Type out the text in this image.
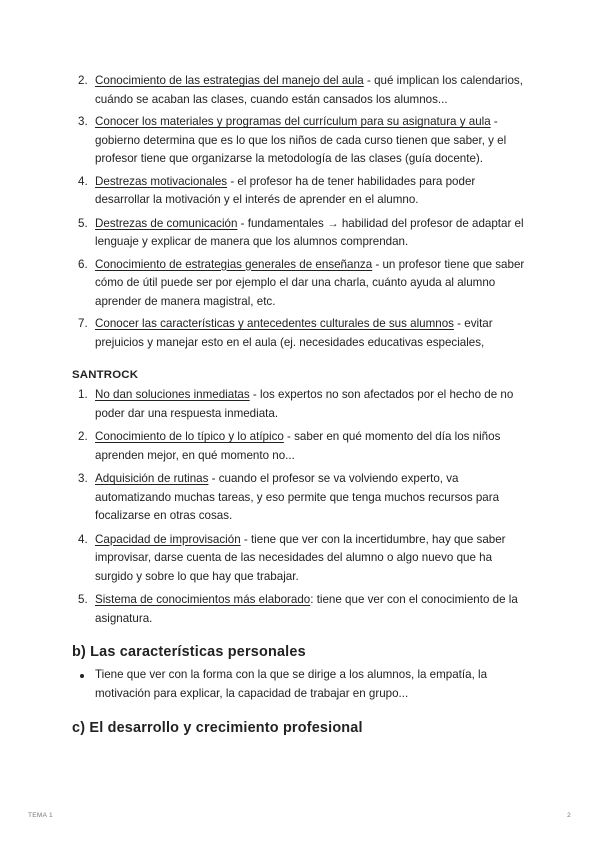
2. Conocimiento de las estrategias del manejo del aula - qué implican los calendarios, cuándo se acaban las clases, cuando están cansados los alumnos...
3. Conocer los materiales y programas del currículum para su asignatura y aula - gobierno determina que es lo que los niños de cada curso tienen que saber, y el profesor tiene que organizarse la metodología de las clases (guía docente).
4. Destrezas motivacionales - el profesor ha de tener habilidades para poder desarrollar la motivación y el interés de aprender en el alumno.
5. Destrezas de comunicación - fundamentales → habilidad del profesor de adaptar el lenguaje y explicar de manera que los alumnos comprendan.
6. Conocimiento de estrategias generales de enseñanza - un profesor tiene que saber cómo de útil puede ser por ejemplo el dar una charla, cuánto ayuda al alumno aprender de manera magistral, etc.
7. Conocer las características y antecedentes culturales de sus alumnos - evitar prejuicios y manejar esto en el aula (ej. necesidades educativas especiales,
SANTROCK
1. No dan soluciones inmediatas - los expertos no son afectados por el hecho de no poder dar una respuesta inmediata.
2. Conocimiento de lo típico y lo atípico - saber en qué momento del día los niños aprenden mejor, en qué momento no...
3. Adquisición de rutinas - cuando el profesor se va volviendo experto, va automatizando muchas tareas, y eso permite que tenga muchos recursos para focalizarse en otras cosas.
4. Capacidad de improvisación - tiene que ver con la incertidumbre, hay que saber improvisar, darse cuenta de las necesidades del alumno o algo nuevo que ha surgido y sobre lo que hay que trabajar.
5. Sistema de conocimientos más elaborado: tiene que ver con el conocimiento de la asignatura.
b) Las características personales
Tiene que ver con la forma con la que se dirige a los alumnos, la empatía, la motivación para explicar, la capacidad de trabajar en grupo...
c) El desarrollo y crecimiento profesional
TEMA 1	2
